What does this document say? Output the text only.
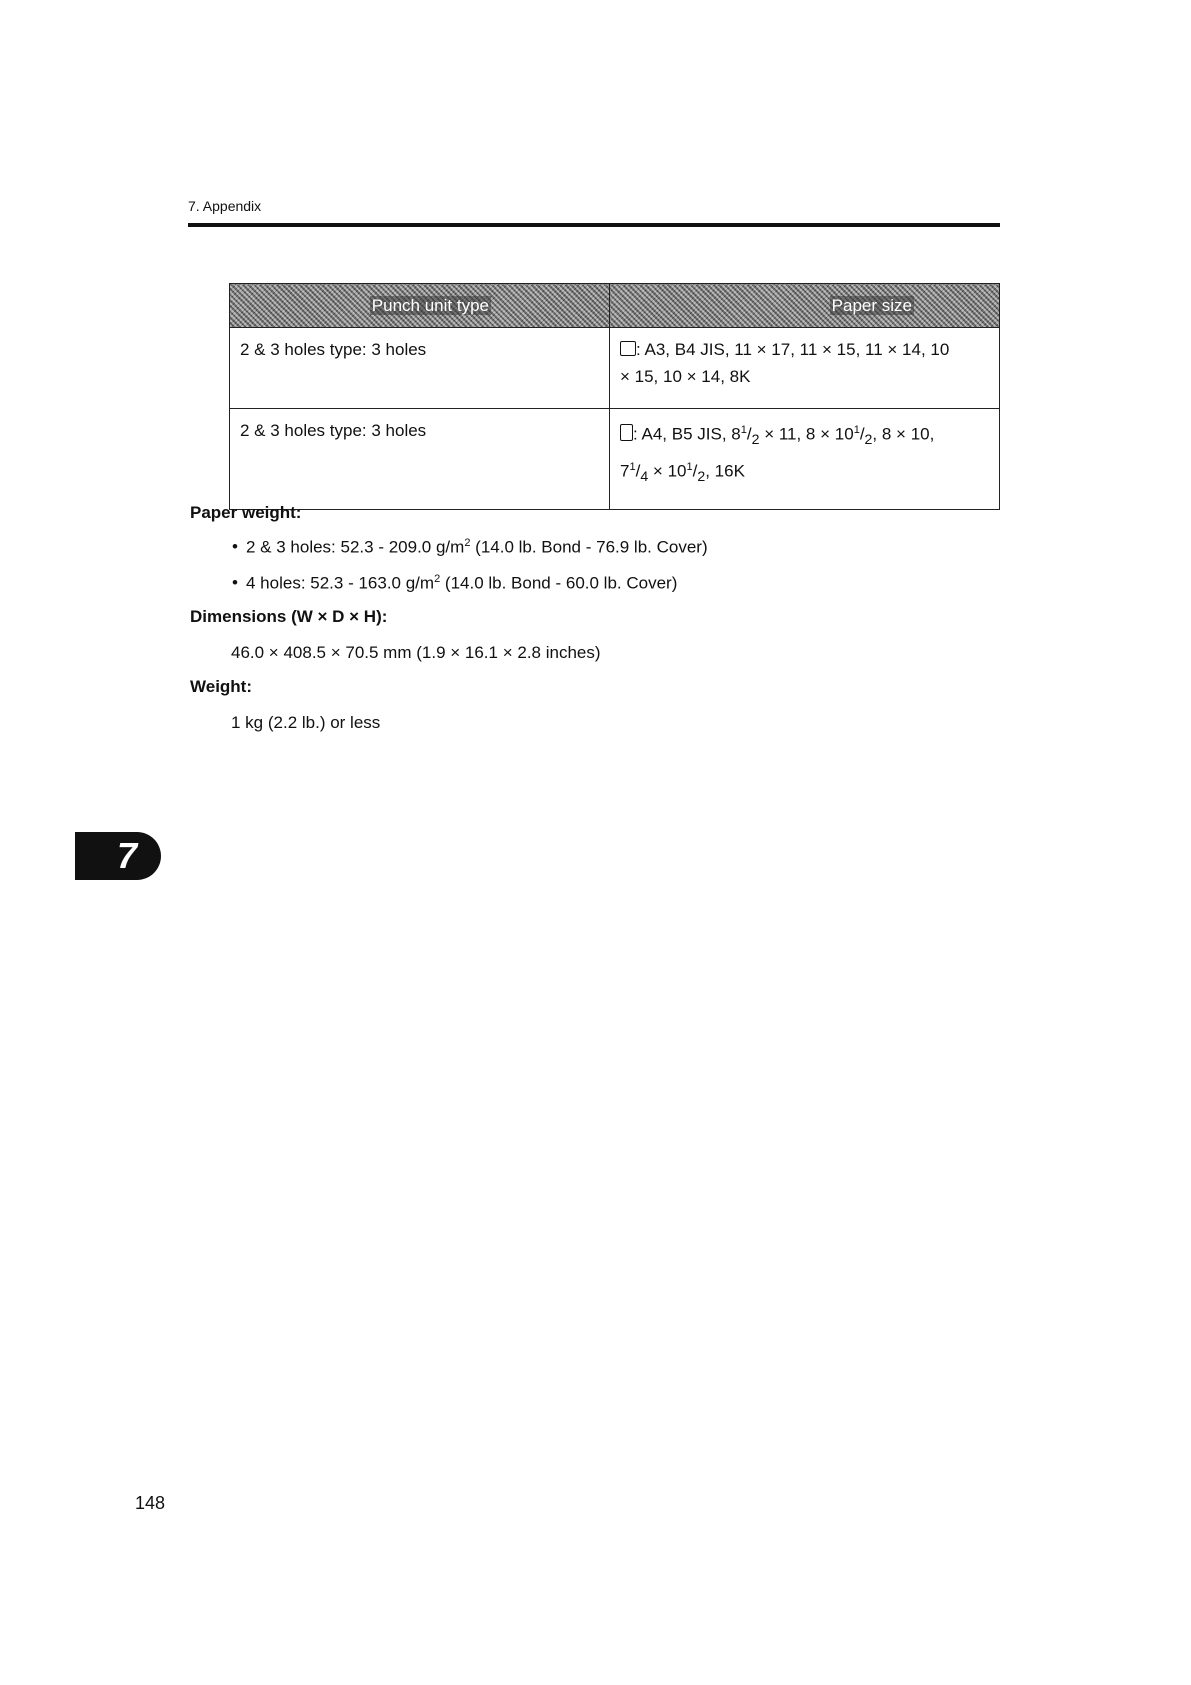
7. Appendix
Punch unit type	Paper size
2 & 3 holes type: 3 holes	: A3, B4 JIS, 11 × 17, 11 × 15, 11 × 14, 10
× 15, 10 × 14, 8K
2 & 3 holes type: 3 holes	: A4, B5 JIS, $8^1/_2 \times 11$, $8 \times 10^1/_2$, 8 × 10,
$7^1/_4 \times 10^1/_2$, 16K
Paper weight:
• 2 & 3 holes: 52.3 - 209.0 $g/m^2$ (14.0 lb. Bond - 76.9 lb. Cover)
• 4 holes: 52.3 - 163.0 $g/m^2$ (14.0 lb. Bond - 60.0 lb. Cover)
Dimensions (W × D × H):
46.0 × 408.5 × 70.5 mm (1.9 × 16.1 × 2.8 inches)
Weight:
1 kg (2.2 lb.) or less
7
148
